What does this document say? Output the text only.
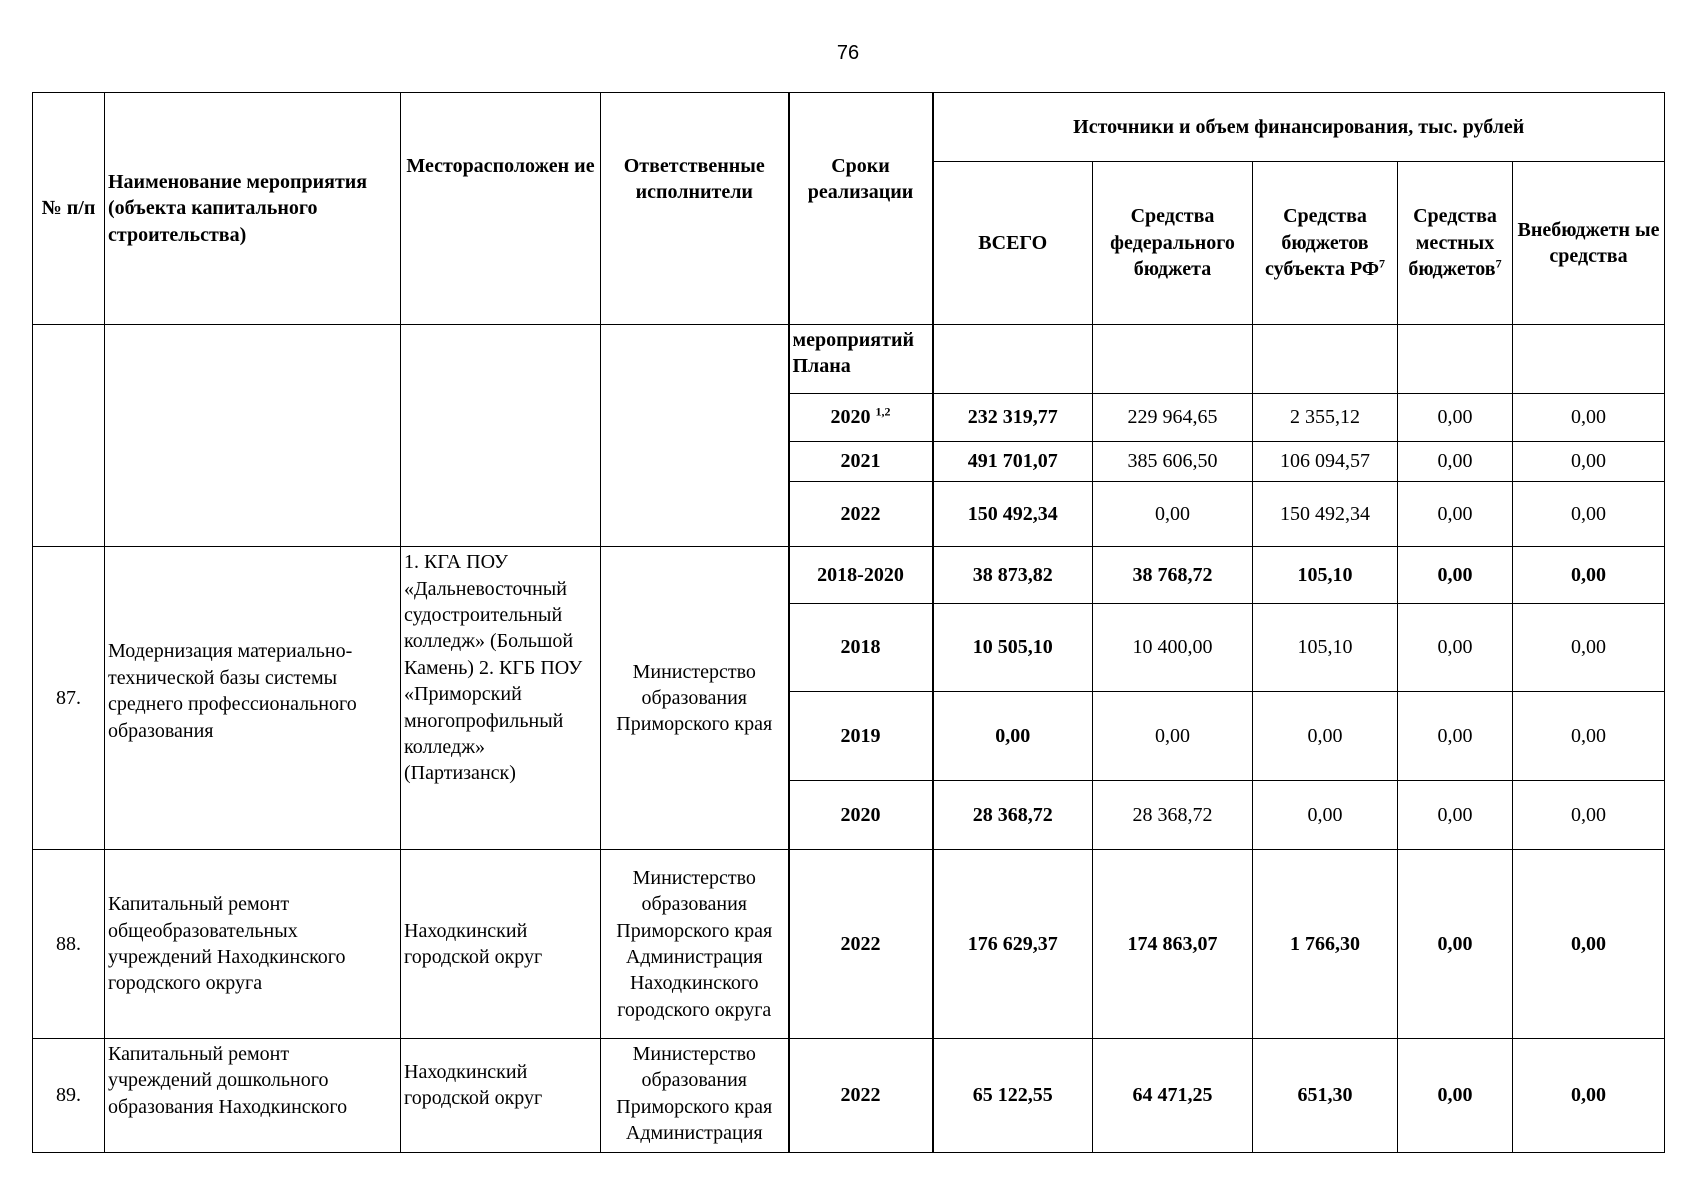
76
№ п/п	Наименование мероприятия (объекта капитального строительства)	Месторасположен ие	Ответственные исполнители	Сроки реализации	Источники и объем финансирования, тыс. рублей				
					ВСЕГО	Средства федерального бюджета	Средства бюджетов субъекта $РФ^7$	Средства местных бюджетов$^7$	Внебюджетн ые средства
				мероприятий Плана					
				2020 $^{1,2}$	232 319,77	229 964,65	2 355,12	0,00	0,00
				2021	491 701,07	385 606,50	106 094,57	0,00	0,00
				2022	150 492,34	0,00	150 492,34	0,00	0,00
87.	Модернизация материально-технической базы системы среднего профессионального образования	1. КГА ПОУ «Дальневосточный судостроительный колледж» (Большой Камень) 2. КГБ ПОУ «Приморский многопрофильный колледж» (Партизанск)	Министерство образования Приморского края	2018-2020	38 873,82	38 768,72	105,10	0,00	0,00
				2018	10 505,10	10 400,00	105,10	0,00	0,00
				2019	0,00	0,00	0,00	0,00	0,00
				2020	28 368,72	28 368,72	0,00	0,00	0,00
88.	Капитальный ремонт общеобразовательных учреждений Находкинского городского округа	Находкинский городской округ	Министерство образования Приморского края Администрация Находкинского городского округа	2022	176 629,37	174 863,07	1 766,30	0,00	0,00
89.	Капитальный ремонт учреждений дошкольного образования Находкинского	Находкинский городской округ	Министерство образования Приморского края Администрация	2022	65 122,55	64 471,25	651,30	0,00	0,00
